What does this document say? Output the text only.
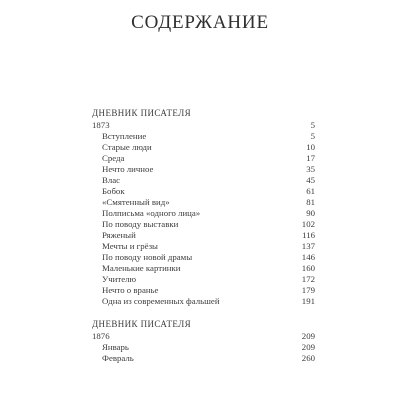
СОДЕРЖАНИЕ
ДНЕВНИК ПИСАТЕЛЯ
1873	5
Вступление	5
Старые люди	10
Среда	17
Нечто личное	35
Влас	45
Бобок	61
«Смятенный вид»	81
Полписьма «одного лица»	90
По поводу выставки	102
Ряженый	116
Мечты и грёзы	137
По поводу новой драмы	146
Маленькие картинки	160
Учителю	172
Нечто о вранье	179
Одна из современных фальшей	191
ДНЕВНИК ПИСАТЕЛЯ
1876	209
Январь	209
Февраль	260
